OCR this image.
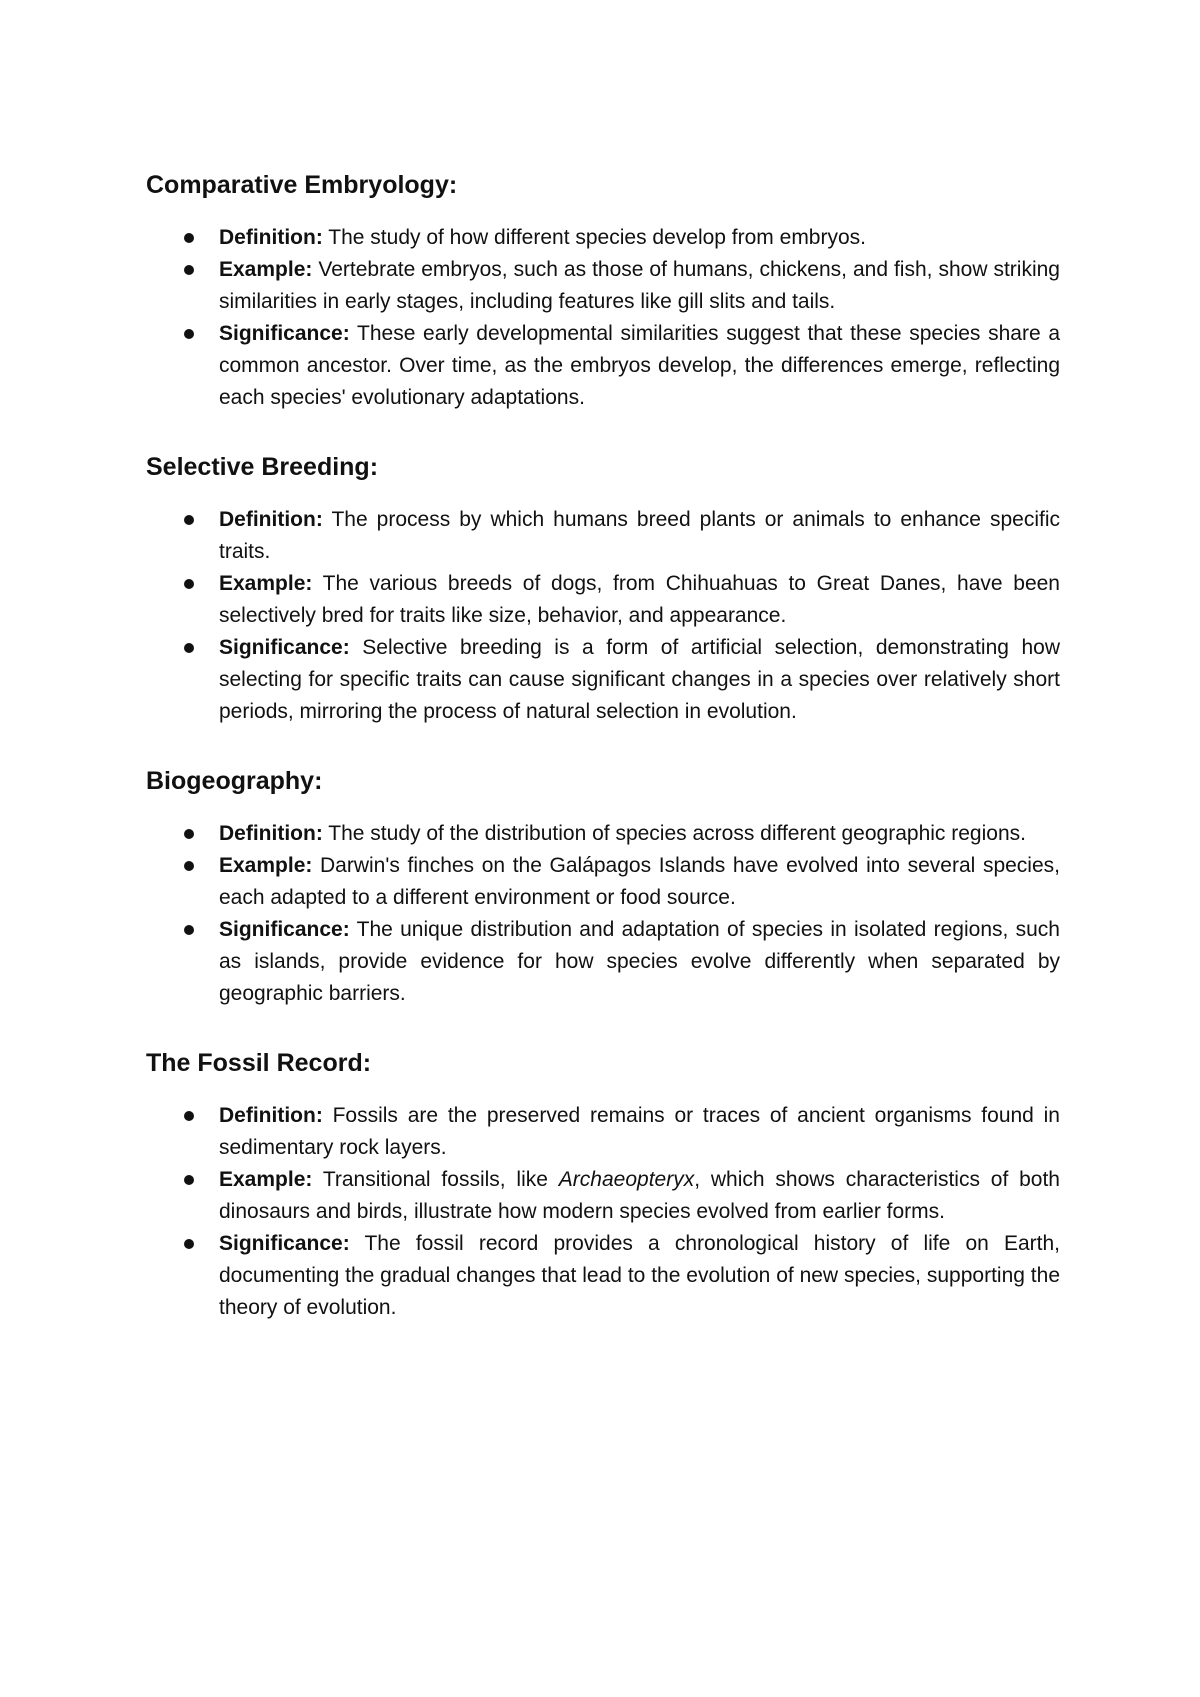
Comparative Embryology:
Definition: The study of how different species develop from embryos.
Example: Vertebrate embryos, such as those of humans, chickens, and fish, show striking similarities in early stages, including features like gill slits and tails.
Significance: These early developmental similarities suggest that these species share a common ancestor. Over time, as the embryos develop, the differences emerge, reflecting each species' evolutionary adaptations.
Selective Breeding:
Definition: The process by which humans breed plants or animals to enhance specific traits.
Example: The various breeds of dogs, from Chihuahuas to Great Danes, have been selectively bred for traits like size, behavior, and appearance.
Significance: Selective breeding is a form of artificial selection, demonstrating how selecting for specific traits can cause significant changes in a species over relatively short periods, mirroring the process of natural selection in evolution.
Biogeography:
Definition: The study of the distribution of species across different geographic regions.
Example: Darwin's finches on the Galápagos Islands have evolved into several species, each adapted to a different environment or food source.
Significance: The unique distribution and adaptation of species in isolated regions, such as islands, provide evidence for how species evolve differently when separated by geographic barriers.
The Fossil Record:
Definition: Fossils are the preserved remains or traces of ancient organisms found in sedimentary rock layers.
Example: Transitional fossils, like Archaeopteryx, which shows characteristics of both dinosaurs and birds, illustrate how modern species evolved from earlier forms.
Significance: The fossil record provides a chronological history of life on Earth, documenting the gradual changes that lead to the evolution of new species, supporting the theory of evolution.
